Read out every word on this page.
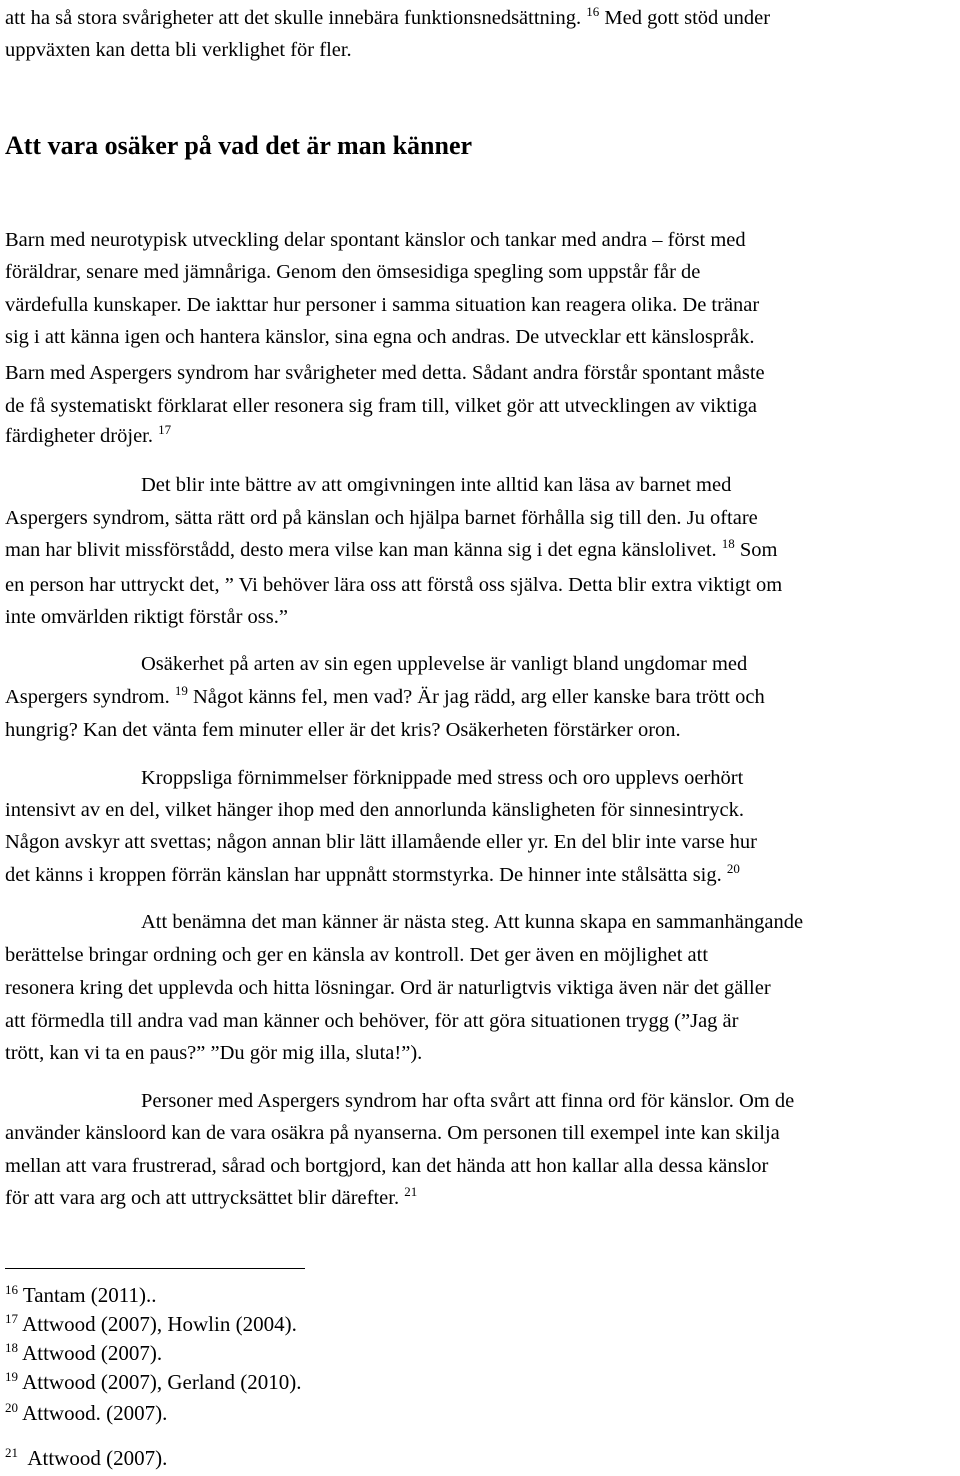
att ha så stora svårigheter att det skulle innebära funktionsnedsättning. $^{16}$ Med gott stöd under
uppväxten kan detta bli verklighet för fler.
Att vara osäker på vad det är man känner
Barn med neurotypisk utveckling delar spontant känslor och tankar med andra – först med
föräldrar, senare med jämnåriga. Genom den ömsesidiga spegling som uppstår får de
värdefulla kunskaper. De iakttar hur personer i samma situation kan reagera olika. De tränar
sig i att känna igen och hantera känslor, sina egna och andras. De utvecklar ett känslospråk.
Barn med Aspergers syndrom har svårigheter med detta. Sådant andra förstår spontant måste
de få systematiskt förklarat eller resonera sig fram till, vilket gör att utvecklingen av viktiga
färdigheter dröjer. $^{17}$
Det blir inte bättre av att omgivningen inte alltid kan läsa av barnet med
Aspergers syndrom, sätta rätt ord på känslan och hjälpa barnet förhålla sig till den. Ju oftare
man har blivit missförstådd, desto mera vilse kan man känna sig i det egna känslolivet. $^{18}$ Som
en person har uttryckt det, ” Vi behöver lära oss att förstå oss själva. Detta blir extra viktigt om
inte omvärlden riktigt förstår oss.”
Osäkerhet på arten av sin egen upplevelse är vanligt bland ungdomar med
Aspergers syndrom. $^{19}$ Något känns fel, men vad? Är jag rädd, arg eller kanske bara trött och
hungrig? Kan det vänta fem minuter eller är det kris? Osäkerheten förstärker oron.
Kroppsliga förnimmelser förknippade med stress och oro upplevs oerhört
intensivt av en del, vilket hänger ihop med den annorlunda känsligheten för sinnesintryck.
Någon avskyr att svettas; någon annan blir lätt illamående eller yr. En del blir inte varse hur
det känns i kroppen förrän känslan har uppnått stormstyrka. De hinner inte stålsätta sig. $^{20}$
Att benämna det man känner är nästa steg. Att kunna skapa en sammanhängande
berättelse bringar ordning och ger en känsla av kontroll. Det ger även en möjlighet att
resonera kring det upplevda och hitta lösningar. Ord är naturligtvis viktiga även när det gäller
att förmedla till andra vad man känner och behöver, för att göra situationen trygg (”Jag är
trött, kan vi ta en paus?” ”Du gör mig illa, sluta!”).
Personer med Aspergers syndrom har ofta svårt att finna ord för känslor. Om de
använder känsloord kan de vara osäkra på nyanserna. Om personen till exempel inte kan skilja
mellan att vara frustrerad, sårad och bortgjord, kan det hända att hon kallar alla dessa känslor
för att vara arg och att uttrycksättet blir därefter. $^{21}$
$^{16}$ Tantam (2011)..
$^{17}$ Attwood (2007), Howlin (2004).
$^{18}$ Attwood (2007).
$^{19}$ Attwood (2007), Gerland (2010).
$^{20}$ Attwood. (2007).
$^{21}$  Attwood (2007).
